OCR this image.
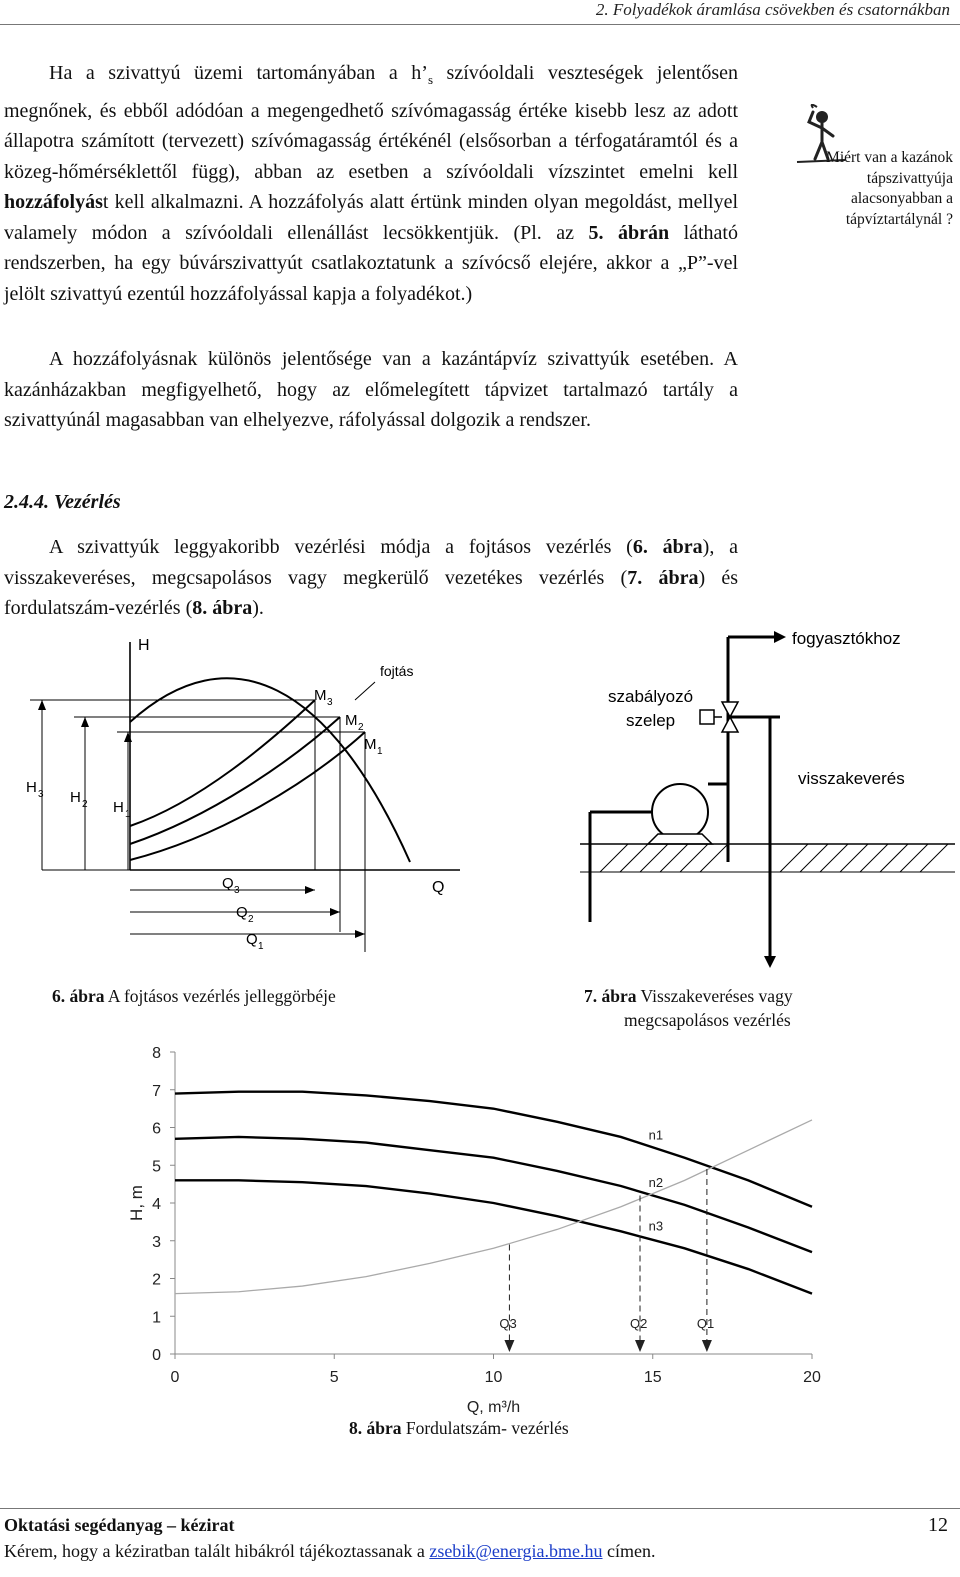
2. Folyadékok áramlása csövekben és csatornákban
Ha a szivattyú üzemi tartományában a $h’_s$ szívóoldali veszteségek jelentősen megnőnek, és ebből adódóan a megengedhető szívómagasság értéke kisebb lesz az adott állapotra számított (tervezett) szívómagasság értékénél (elsősorban a térfogatáramtól és a közeg-hőmérséklettől függ), abban az esetben a szívóoldali vízszintet emelni kell hozzáfolyást kell alkalmazni. A hozzáfolyás alatt értünk minden olyan megoldást, mellyel valamely módon a szívóoldali ellenállást lecsökkentjük. (Pl. az 5. ábrán látható rendszerben, ha egy búvárszivattyút csatlakoztatunk a szívócső elejére, akkor a „P”-vel jelölt szivattyú ezentúl hozzáfolyással kapja a folyadékot.)
A hozzáfolyásnak különös jelentősége van a kazántápvíz szivattyúk esetében. A kazánházakban megfigyelhető, hogy az előmelegített tápvizet tartalmazó tartály a szivattyúnál magasabban van elhelyezve, ráfolyással dolgozik a rendszer.
Miért van a kazánok tápszivattyúja alacsonyabban a tápvíztartálynál ?
2.4.4. Vezérlés
A szivattyúk leggyakoribb vezérlési módja a fojtásos vezérlés (6. ábra), a visszakeveréses, megcsapolásos vagy megkerülő vezetékes vezérlés (7. ábra) és fordulatszám-vezérlés (8. ábra).
H
Q
fojtás
M 3
M 2
M 1
H 3 H 2 H 1
Q 3
Q 2
Q 1
6. ábra A fojtásos vezérlés jelleggörbéje
fogyasztókhoz
szabályozó
szelep
visszakeverés
7. ábra Visszakeveréses vagy
megcsapolásos vezérlés
0
1
2
3
4
5
6
7
8
0	5	10	15	20
H, m
Q, m³/h
n1
n2
n3
Q3	Q2	Q1
8. ábra Fordulatszám- vezérlés
Oktatási segédanyag – kézirat	12
Kérem, hogy a kéziratban talált hibákról tájékoztassanak a zsebik@energia.bme.hu címen.
